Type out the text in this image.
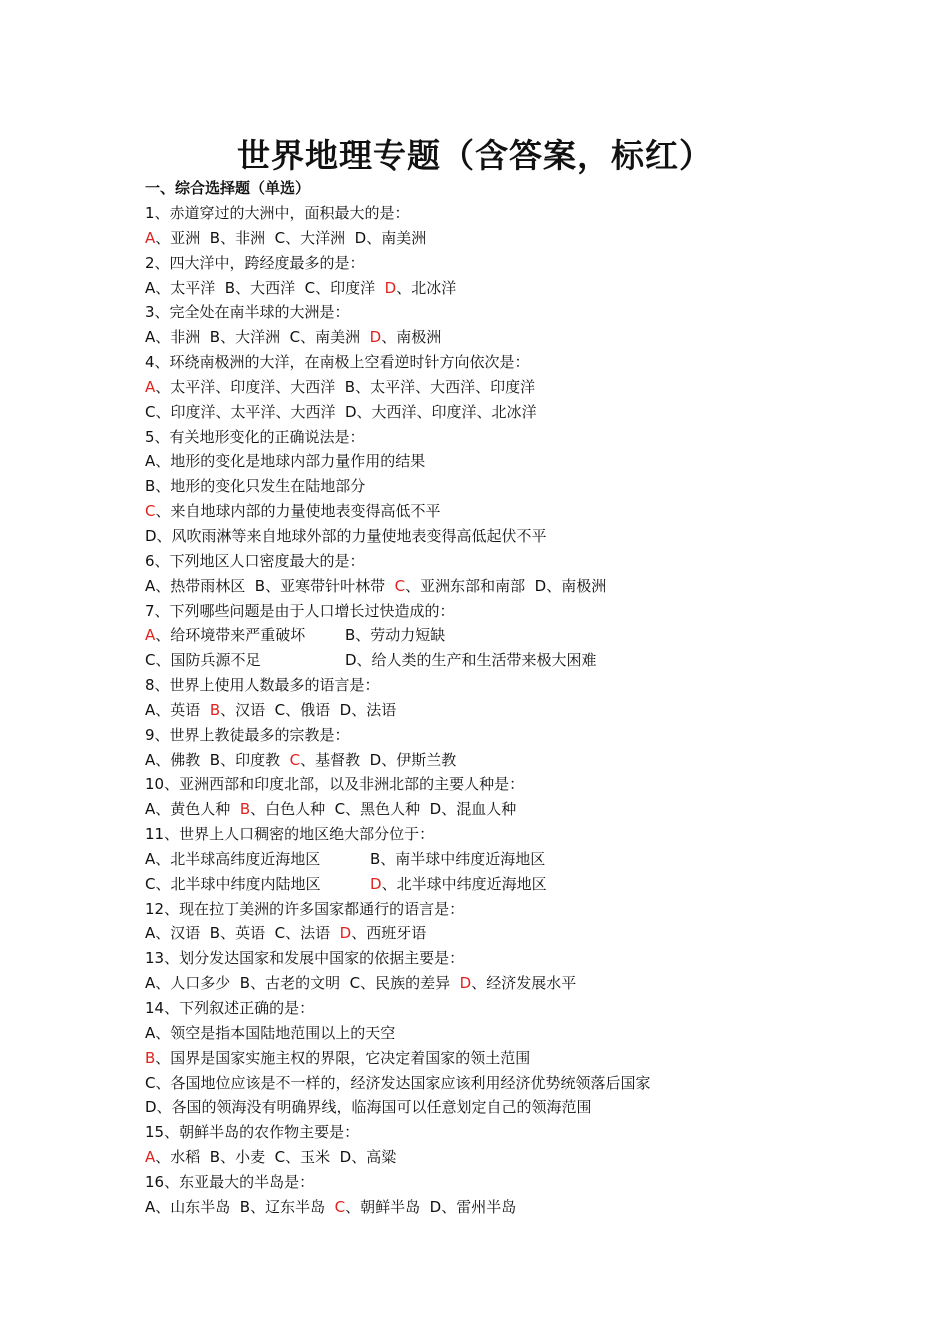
世界地理专题（含答案，标红）
一、综合选择题（单选）
1、赤道穿过的大洲中，面积最大的是：
A、亚洲  B、非洲  C、大洋洲  D、南美洲
2、四大洋中，跨经度最多的是：
A、太平洋  B、大西洋  C、印度洋  D、北冰洋
3、完全处在南半球的大洲是：
A、非洲  B、大洋洲  C、南美洲  D、南极洲
4、环绕南极洲的大洋，在南极上空看逆时针方向依次是：
A、太平洋、印度洋、大西洋  B、太平洋、大西洋、印度洋
C、印度洋、太平洋、大西洋  D、大西洋、印度洋、北冰洋
5、有关地形变化的正确说法是：
A、地形的变化是地球内部力量作用的结果
B、地形的变化只发生在陆地部分
C、来自地球内部的力量使地表变得高低不平
D、风吹雨淋等来自地球外部的力量使地表变得高低起伏不平
6、下列地区人口密度最大的是：
A、热带雨林区  B、亚寒带针叶林带  C、亚洲东部和南部  D、南极洲
7、下列哪些问题是由于人口增长过快造成的：
A、给环境带来严重破坏	B、劳动力短缺
C、国防兵源不足	D、给人类的生产和生活带来极大困难
8、世界上使用人数最多的语言是：
A、英语  B、汉语  C、俄语  D、法语
9、世界上教徒最多的宗教是：
A、佛教  B、印度教  C、基督教  D、伊斯兰教
10、亚洲西部和印度北部，以及非洲北部的主要人种是：
A、黄色人种  B、白色人种  C、黑色人种  D、混血人种
11、世界上人口稠密的地区绝大部分位于：
A、北半球高纬度近海地区	B、南半球中纬度近海地区
C、北半球中纬度内陆地区	D、北半球中纬度近海地区
12、现在拉丁美洲的许多国家都通行的语言是：
A、汉语  B、英语  C、法语  D、西班牙语
13、划分发达国家和发展中国家的依据主要是：
A、人口多少  B、古老的文明  C、民族的差异  D、经济发展水平
14、下列叙述正确的是：
A、领空是指本国陆地范围以上的天空
B、国界是国家实施主权的界限，它决定着国家的领土范围
C、各国地位应该是不一样的，经济发达国家应该利用经济优势统领落后国家
D、各国的领海没有明确界线，临海国可以任意划定自己的领海范围
15、朝鲜半岛的农作物主要是：
A、水稻  B、小麦  C、玉米  D、高粱
16、东亚最大的半岛是：
A、山东半岛  B、辽东半岛  C、朝鲜半岛  D、雷州半岛
